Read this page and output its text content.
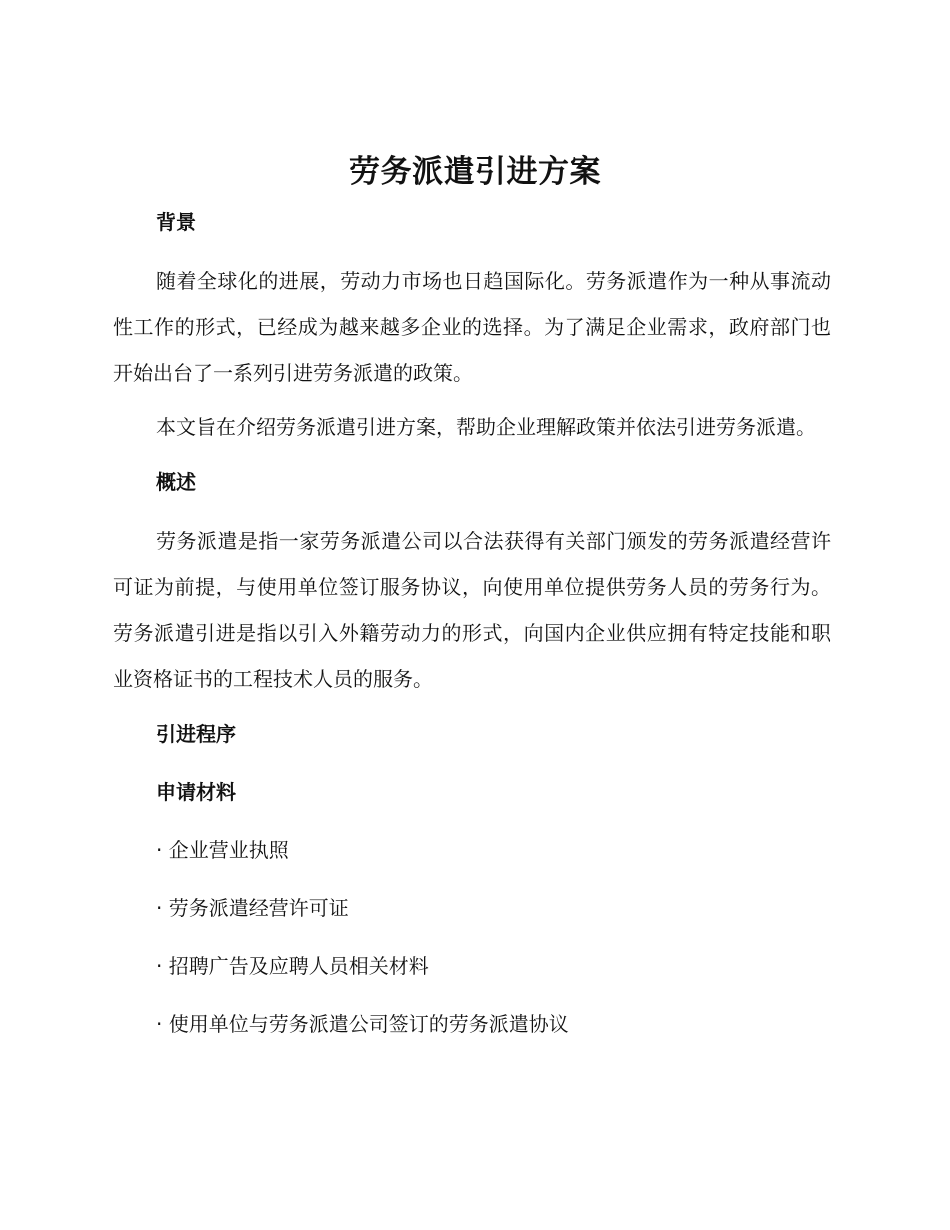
劳务派遣引进方案
背景

随着全球化的进展，劳动力市场也日趋国际化。劳务派遣作为一种从事流动性工作的形式，已经成为越来越多企业的选择。为了满足企业需求，政府部门也开始出台了一系列引进劳务派遣的政策。

本文旨在介绍劳务派遣引进方案，帮助企业理解政策并依法引进劳务派遣。

概述

劳务派遣是指一家劳务派遣公司以合法获得有关部门颁发的劳务派遣经营许可证为前提，与使用单位签订服务协议，向使用单位提供劳务人员的劳务行为。劳务派遣引进是指以引入外籍劳动力的形式，向国内企业供应拥有特定技能和职业资格证书的工程技术人员的服务。

引进程序
申请材料
· 企业营业执照
· 劳务派遣经营许可证
· 招聘广告及应聘人员相关材料
· 使用单位与劳务派遣公司签订的劳务派遣协议
